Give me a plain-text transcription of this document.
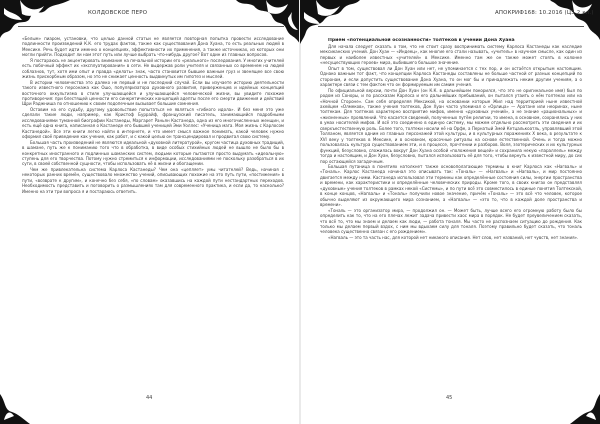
КОЛДОВСКОЕ ПЕРО

«Белым» пиаром, установки, что целью данной статьи не является повторная попытка провести исследование подлинности произведений К.К. его трудах фактов, также как существования Дона Хуана, то есть реальных людей в Мексике. Речь будет идти именно о концепциях, эффективности их применения, а также источниках, из которых они могли прийти. Подходит ли нам этот путь или лучше выбрать что-нибудь другое? Вот один из главных вопросов.

Я постараюсь не акцентировать внимание на печальной истории его «реального» последования. У многих учителей есть побочный эффект их «эксплуатирования» в сети. Не выдержав роли учителя и связанных со временем на людей соблазнов, тут, хотя ими опыт и правда «делать» знак, часто становится бывшее важным груз и звенящее все свою жизнь прискорбным образом, но это не снижает ценность выдвинутых им гипотез и мыслей.

В истории человечества это далеко не первый и не последний случай. Если вы изучаете историю деятельности такого известного персонажа как Ошо, популяризатора духовного развития, приверженцев и идейных концепций восточного оккультизма в стиле улучшающейся и улучшающейся человеческой жизни, вы увидите похожие противоречия: при блестящей ценности его синкретических концепций адепты после его смерти движения и действий Щри Раджниша по отношению к своим подопечным вызывает большие сомнения.

Оставим на его судьбу, другому удовольствие попытаться не являться «гибкого идола». И без меня это уже сделали такие люди, например, как Кристоф Буррайф, французский писатель, занимающийся подробными исследованиями туманной биографии Кастанеды, Маргарет Раньян Кастанеда, одна из его многочисленных женщин, и есть ещё одна книга, написанная о Кастанеде его бывшей ученицей Эми Уоллес: «Ученица мага. Моя жизнь с Карлосом Кастанедой». Все эти книги легко найти в интернете, и что имеет смысл важное понимать, какой человек нужно оформил своё приведение как учение, как работ, и с какой целью он трансцендировал и продвигал свою систему.

Большая часть произведений не являются идеальной «духовной литературой», кругом частица духовных традиций, в шамане, путь же к пониманию того что в обработка, в виде особых стихийных людей не вышло не было бы в конкретных иностранного и подлинных шаманских систем, людьми которые пытаются просто выдумать «идеальную» ступень для его творчества. Потому нужно стремиться к информации, исследованиями не поскольку разобраться в их сути, в своей собственной сущности, чтобы использовать её в жизни и обогащении.

Чем же привлекательна система Карлоса Кастанеды? Чем она «цепляет» умы читателей? Ведь, начиная с некоторых ранних времён, существовало множество учений, описывающих похожие на это путь пути, «постижения» в пути, «возврате к другим», и конечно без себя, «по словам» оказавшись на каждой пути нестандартных переходов. Необходимость представить и поговорить о размышлениях там для современного практика, и если да, то насколько? Именно на эти три вопроса я и постараюсь ответить.

44
АПОКРИФ168: 10.2016 (Ц5.2 кл.)

Приём «потенциальной осознанности» толтеков в учении Дона Хуана

Для начала следует сказать о том, что не стоит сразу воспринимать систему Карлоса Кастанеды как наследие мексиканских учений. Дон Хуан — «Индеец», как многие его стали называть, «учитель» в научном смысле, как один из первых и наиболее известных «учителей» в Мексике. Именно там же он также может стоять в колонке «несуществующих героев» мира, выбившего большое значение.

Опыт в том, существовал ли Дон Хуан или нет, не упоминается с тех пор, и он остаётся открытым настоящим. Однако важным тот факт, что концепции Карлоса Кастанеды составлены не больше частной от разных концепций по сторонам, и если допустить существование Дона Хуана, то он мог бы и принадлежать неким другим учениям, а о характере связи с тем фактом что он формируемым им самим учения.

По официальной версии, почти Дон Хуан (он К.К. в дальнейшем покорился, что это не оригинальное имя) был по родом из Соноры, и по рассказам Карлоса и его дальнейших пребываний, он пытался утаить о нём толтеках или на «Ночной Стороне». Сам себя определяя Мексикой, на основании которые Жил над территорией ныне известной ахейцем «Олмеков», также учения толтеков, Дон Хуан часто упоминал о «Орлица» — Аратане или неоринах, ныне толтекам. Для толтеков характерно восприятие мифов, именно «духовных учений», а не знание «рациональных» и «жизненных» проявлений. Что касается сведений, полученных путём религии, то имена, в основном, сохранялись у них в умах носителей мифов. И всё это соединено в единую систему, мы можем отдельно рассмотреть эти сведения и их сверхъестественную роль. Более того, толтеки носили её на Орфе, а Пернатый Змей Кетцалькоатль, управлявший этой Толланом, является одним из главных персонажей этой культуры, и в культурных поражениях X века, в результате к XVI веку у толтеков в Мексике, и в основном, красочные ритуалы на основе естественной. Очень и тогда можно пользовалась культура существованием эти, и в процессе, прочтении и разборов. Воля, эзотерических и их культурных функций, безусловно, сложилась вокруг Дон Хуана особой «положения вещей» и сохранила некую «параллель» между тогда и настоящим, и Дон Хуан, безусловно, пытался использовать её для того, чтобы вернуть к известной миру, до сих пор остающейся загадочным.

Большая путаница в понятиях натолкнет также основополагающие термины в книг Карлоса как «Нагваль» и «Тональ». Карлос Кастанеда начинал это описывать так: «Тональ» — «Нагваль» и «Нагваль», и мир постоянно двигается между ними. Кастанеда использовал эти термины как определённые состояния силы, энергии пространства и времени, как характеристики и определённые человеческих природы. Кроме того, в своих книгах он представлял «духовные» учения толтеков в рамках некой «Системы», и по пути всё это совместилось в единые понятия Толтекской, в конце концов, «Нагваль» и «Тональ» получили новое значение, причём «Тональ» — это всё что человек, которое обычно выделяют из окружающего мира сознанием, а «Нагваль» — «это то, что в каждой доле пространства и времени».

«Тональ — это организатор мира, — продолжил он. — Может быть, лучше всего его огромную работу было бы определить как то, что на его плечах лежит задача привести хаос мира в порядок. Не будет преувеличением сказать, что всё то, что мы знаем и делаем как люди, — работа тоналя. Мы часто не распознаем ситуацию до рождения. Как только мы делаем первый вздох, с ним мы вдыхаем силу для тоналя. Поэтому правильно будет сказать, что тональ человека существенно связан с его рождением».

«Нагваль — это та часть нас, для которой нет никакого описания. Нет слов, нет названий, нет чувств, нет знания».

45
